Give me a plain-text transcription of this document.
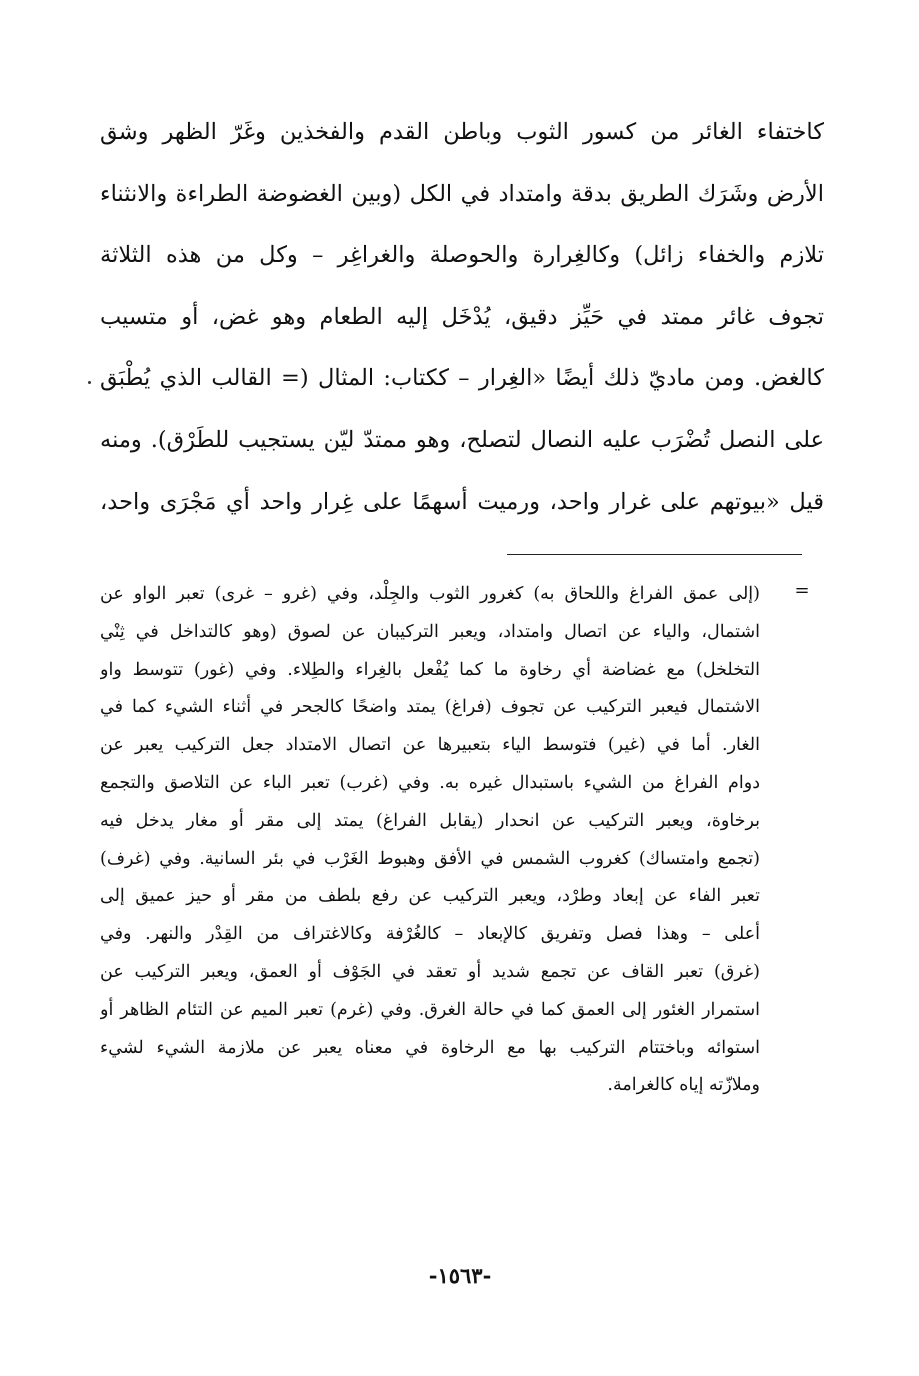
كاختفاء الغائر من كسور الثوب وباطن القدم والفخذين وغَرّ الظهر وشق
الأرض وشَرَك الطريق بدقة وامتداد في الكل (وبين الغضوضة الطراءة والانثناء
تلازم والخفاء زائل) وكالغِرارة والحوصلة والغراغِر – وكل من هذه الثلاثة
تجوف غائر ممتد في حَيِّز دقيق، يُدْخَل إليه الطعام وهو غض، أو متسيب
كالغض. ومن ماديّ ذلك أيضًا «الغِرار – ككتاب: المثال (= القالب الذي يُطْبَق
على النصل تُضْرَب عليه النصال لتصلح، وهو ممتدّ ليّن يستجيب للطَرْق). ومنه
قيل «بيوتهم على غرار واحد، ورميت أسهمًا على غِرار واحد أي مَجْرَى واحد،
=
(إلى عمق الفراغ واللحاق به) كغرور الثوب والجِلْد، وفي (غرو – غرى) تعبر الواو عن
اشتمال، والياء عن اتصال وامتداد، ويعبر التركيبان عن لصوق (وهو كالتداخل في ثِنْي
التخلخل) مع غضاضة أي رخاوة ما كما يُفْعل بالغِراء والطِلاء. وفي (غور) تتوسط واو
الاشتمال فيعبر التركيب عن تجوف (فراغ) يمتد واضحًا كالجحر في أثناء الشيء كما في
الغار. أما في (غير) فتوسط الياء بتعبيرها عن اتصال الامتداد جعل التركيب يعبر عن
دوام الفراغ من الشيء باستبدال غيره به. وفي (غرب) تعبر الباء عن التلاصق والتجمع
برخاوة، ويعبر التركيب عن انحدار (يقابل الفراغ) يمتد إلى مقر أو مغار يدخل فيه
(تجمع وامتساك) كغروب الشمس في الأفق وهبوط الغَرْب في بئر السانية. وفي (غرف)
تعبر الفاء عن إبعاد وطرْد، ويعبر التركيب عن رفع بلطف من مقر أو حيز عميق إلى
أعلى – وهذا فصل وتفريق كالإبعاد – كالغُرْفة وكالاغتراف من القِدْر والنهر. وفي
(غرق) تعبر القاف عن تجمع شديد أو تعقد في الجَوْف أو العمق، ويعبر التركيب عن
استمرار الغئور إلى العمق كما في حالة الغرق. وفي (غرم) تعبر الميم عن التئام الظاهر أو
استوائه وباختتام التركيب بها مع الرخاوة في معناه يعبر عن ملازمة الشيء لشيء
وملازّته إياه كالغرامة.
-١٥٦٣-
